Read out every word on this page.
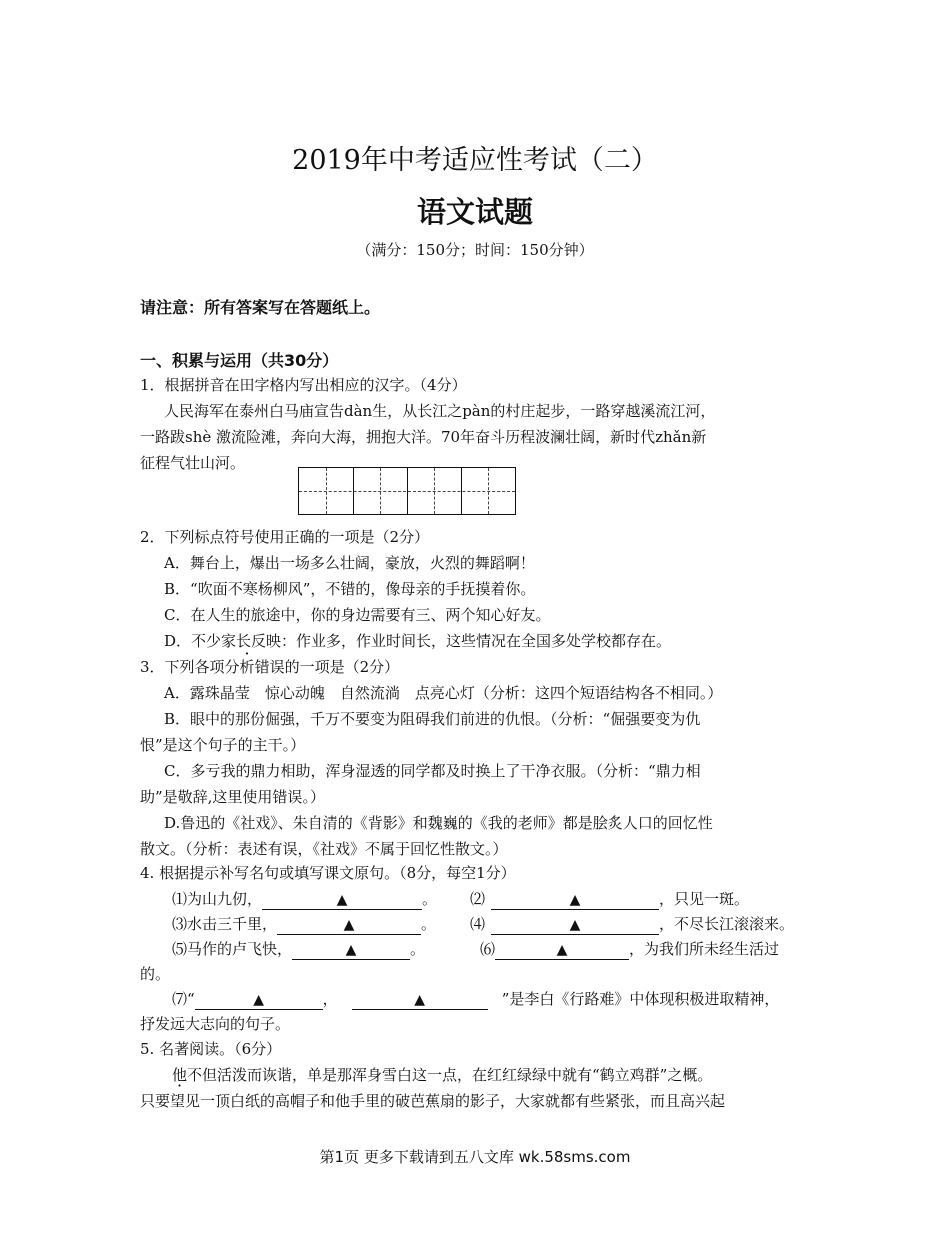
2019年中考适应性考试（二）
语文试题
（满分：150分；时间：150分钟）
请注意：所有答案写在答题纸上。
一、积累与运用（共30分）
1．根据拼音在田字格内写出相应的汉字。（4分）
人民海军在泰州白马庙宣告dàn生，从长江之pàn的村庄起步，一路穿越溪流江河，
一路跋shè 激流险滩，奔向大海，拥抱大洋。70年奋斗历程波澜壮阔，新时代zhǎn新
征程气壮山河。
2．下列标点符号使用正确的一项是（2分）
A．舞台上，爆出一场多么壮阔，豪放，火烈的舞蹈啊！
B．“吹面不寒杨柳风”，不错的，像母亲的手抚摸着你。
C．在人生的旅途中，你的身边需要有三、两个知心好友。
D．不少家长反映：作业多，作业时间长，这些情况在全国多处学校都存在。
3．下列各项分析错误的一项是（2分）
A．露珠晶莹　惊心动魄　自然流淌　点亮心灯（分析：这四个短语结构各不相同。）
B．眼中的那份倔强，千万不要变为阻碍我们前进的仇恨。（分析：“倔强要变为仇
恨”是这个句子的主干。）
C．多亏我的鼎力相助，浑身湿透的同学都及时换上了干净衣服。（分析：“鼎力相
助”是敬辞,这里使用错误。）
D.鲁迅的《社戏》、朱自清的《背影》和魏巍的《我的老师》都是脍炙人口的回忆性
散文。（分析：表述有误，《社戏》不属于回忆性散文。）
4. 根据提示补写名句或填写课文原句。（8分，每空1分）
⑴为山九仞，	▲	。 ⑵	▲	，只见一斑。
⑶水击三千里，	▲	。 ⑷	▲	，不尽长江滚滚来。
⑸马作的卢飞快，	▲	。	⑹	▲	，为我们所未经生活过
的。
⑺“	▲	，	▲	”是李白《行路难》中体现积极进取精神，
抒发远大志向的句子。
5. 名著阅读。（6分）
他不但活泼而诙谐，单是那浑身雪白这一点，在红红绿绿中就有“鹤立鸡群”之概。
只要望见一顶白纸的高帽子和他手里的破芭蕉扇的影子，大家就都有些紧张，而且高兴起
第1页 更多下载请到五八文库 wk.58sms.com
